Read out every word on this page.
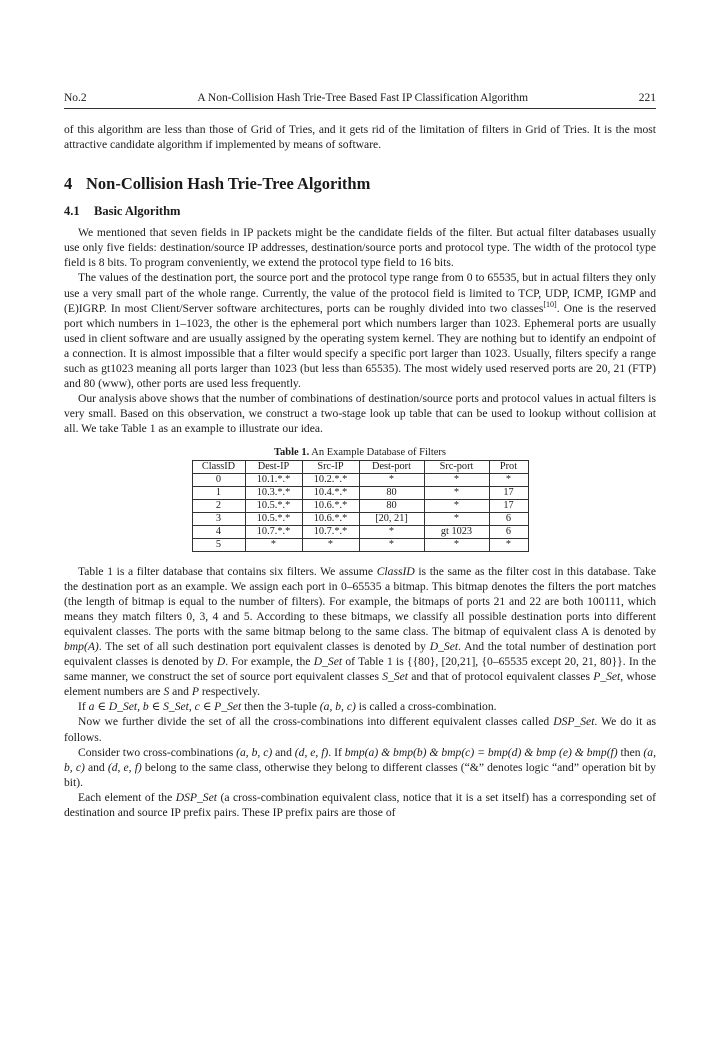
No.2	A Non-Collision Hash Trie-Tree Based Fast IP Classification Algorithm	221

of this algorithm are less than those of Grid of Tries, and it gets rid of the limitation of filters in Grid of Tries. It is the most attractive candidate algorithm if implemented by means of software.

4 Non-Collision Hash Trie-Tree Algorithm
4.1 Basic Algorithm

We mentioned that seven fields in IP packets might be the candidate fields of the filter. But actual filter databases usually use only five fields: destination/source IP addresses, destination/source ports and protocol type. The width of the protocol type field is 8 bits. To program conveniently, we extend the protocol type field to 16 bits.

The values of the destination port, the source port and the protocol type range from 0 to 65535, but in actual filters they only use a very small part of the whole range. Currently, the value of the protocol field is limited to TCP, UDP, ICMP, IGMP and (E)IGRP. In most Client/Server software architectures, ports can be roughly divided into two classes[10]. One is the reserved port which numbers in 1–1023, the other is the ephemeral port which numbers larger than 1023. Ephemeral ports are usually used in client software and are usually assigned by the operating system kernel. They are nothing but to identify an endpoint of a connection. It is almost impossible that a filter would specify a specific port larger than 1023. Usually, filters specify a range such as gt1023 meaning all ports larger than 1023 (but less than 65535). The most widely used reserved ports are 20, 21 (FTP) and 80 (www), other ports are used less frequently.

Our analysis above shows that the number of combinations of destination/source ports and protocol values in actual filters is very small. Based on this observation, we construct a two-stage look up table that can be used to lookup without collision at all. We take Table 1 as an example to illustrate our idea.

Table 1. An Example Database of Filters
ClassID	Dest-IP	Src-IP	Dest-port	Src-port	Prot
0	10.1.*.*	10.2.*.*	*	*	*
1	10.3.*.*	10.4.*.*	80	*	17
2	10.5.*.*	10.6.*.*	80	*	17
3	10.5.*.*	10.6.*.*	[20, 21]	*	6
4	10.7.*.*	10.7.*.*	*	gt 1023	6
5	*	*	*	*	*

Table 1 is a filter database that contains six filters. We assume ClassID is the same as the filter cost in this database. Take the destination port as an example. We assign each port in 0–65535 a bitmap. This bitmap denotes the filters the port matches (the length of bitmap is equal to the number of filters). For example, the bitmaps of ports 21 and 22 are both 100111, which means they match filters 0, 3, 4 and 5. According to these bitmaps, we classify all possible destination ports into different equivalent classes. The ports with the same bitmap belong to the same class. The bitmap of equivalent class A is denoted by bmp(A). The set of all such destination port equivalent classes is denoted by D_Set. And the total number of destination port equivalent classes is denoted by D. For example, the D_Set of Table 1 is {{80}, [20,21], {0–65535 except 20, 21, 80}}. In the same manner, we construct the set of source port equivalent classes S_Set and that of protocol equivalent classes P_Set, whose element numbers are S and P respectively.

If a ∈ D_Set, b ∈ S_Set, c ∈ P_Set then the 3-tuple (a, b, c) is called a cross-combination.

Now we further divide the set of all the cross-combinations into different equivalent classes called DSP_Set. We do it as follows.

Consider two cross-combinations (a, b, c) and (d, e, f). If bmp(a) & bmp(b) & bmp(c) = bmp(d) & bmp (e) & bmp(f) then (a, b, c) and (d, e, f) belong to the same class, otherwise they belong to different classes (“&” denotes logic “and” operation bit by bit).

Each element of the DSP_Set (a cross-combination equivalent class, notice that it is a set itself) has a corresponding set of destination and source IP prefix pairs. These IP prefix pairs are those of
